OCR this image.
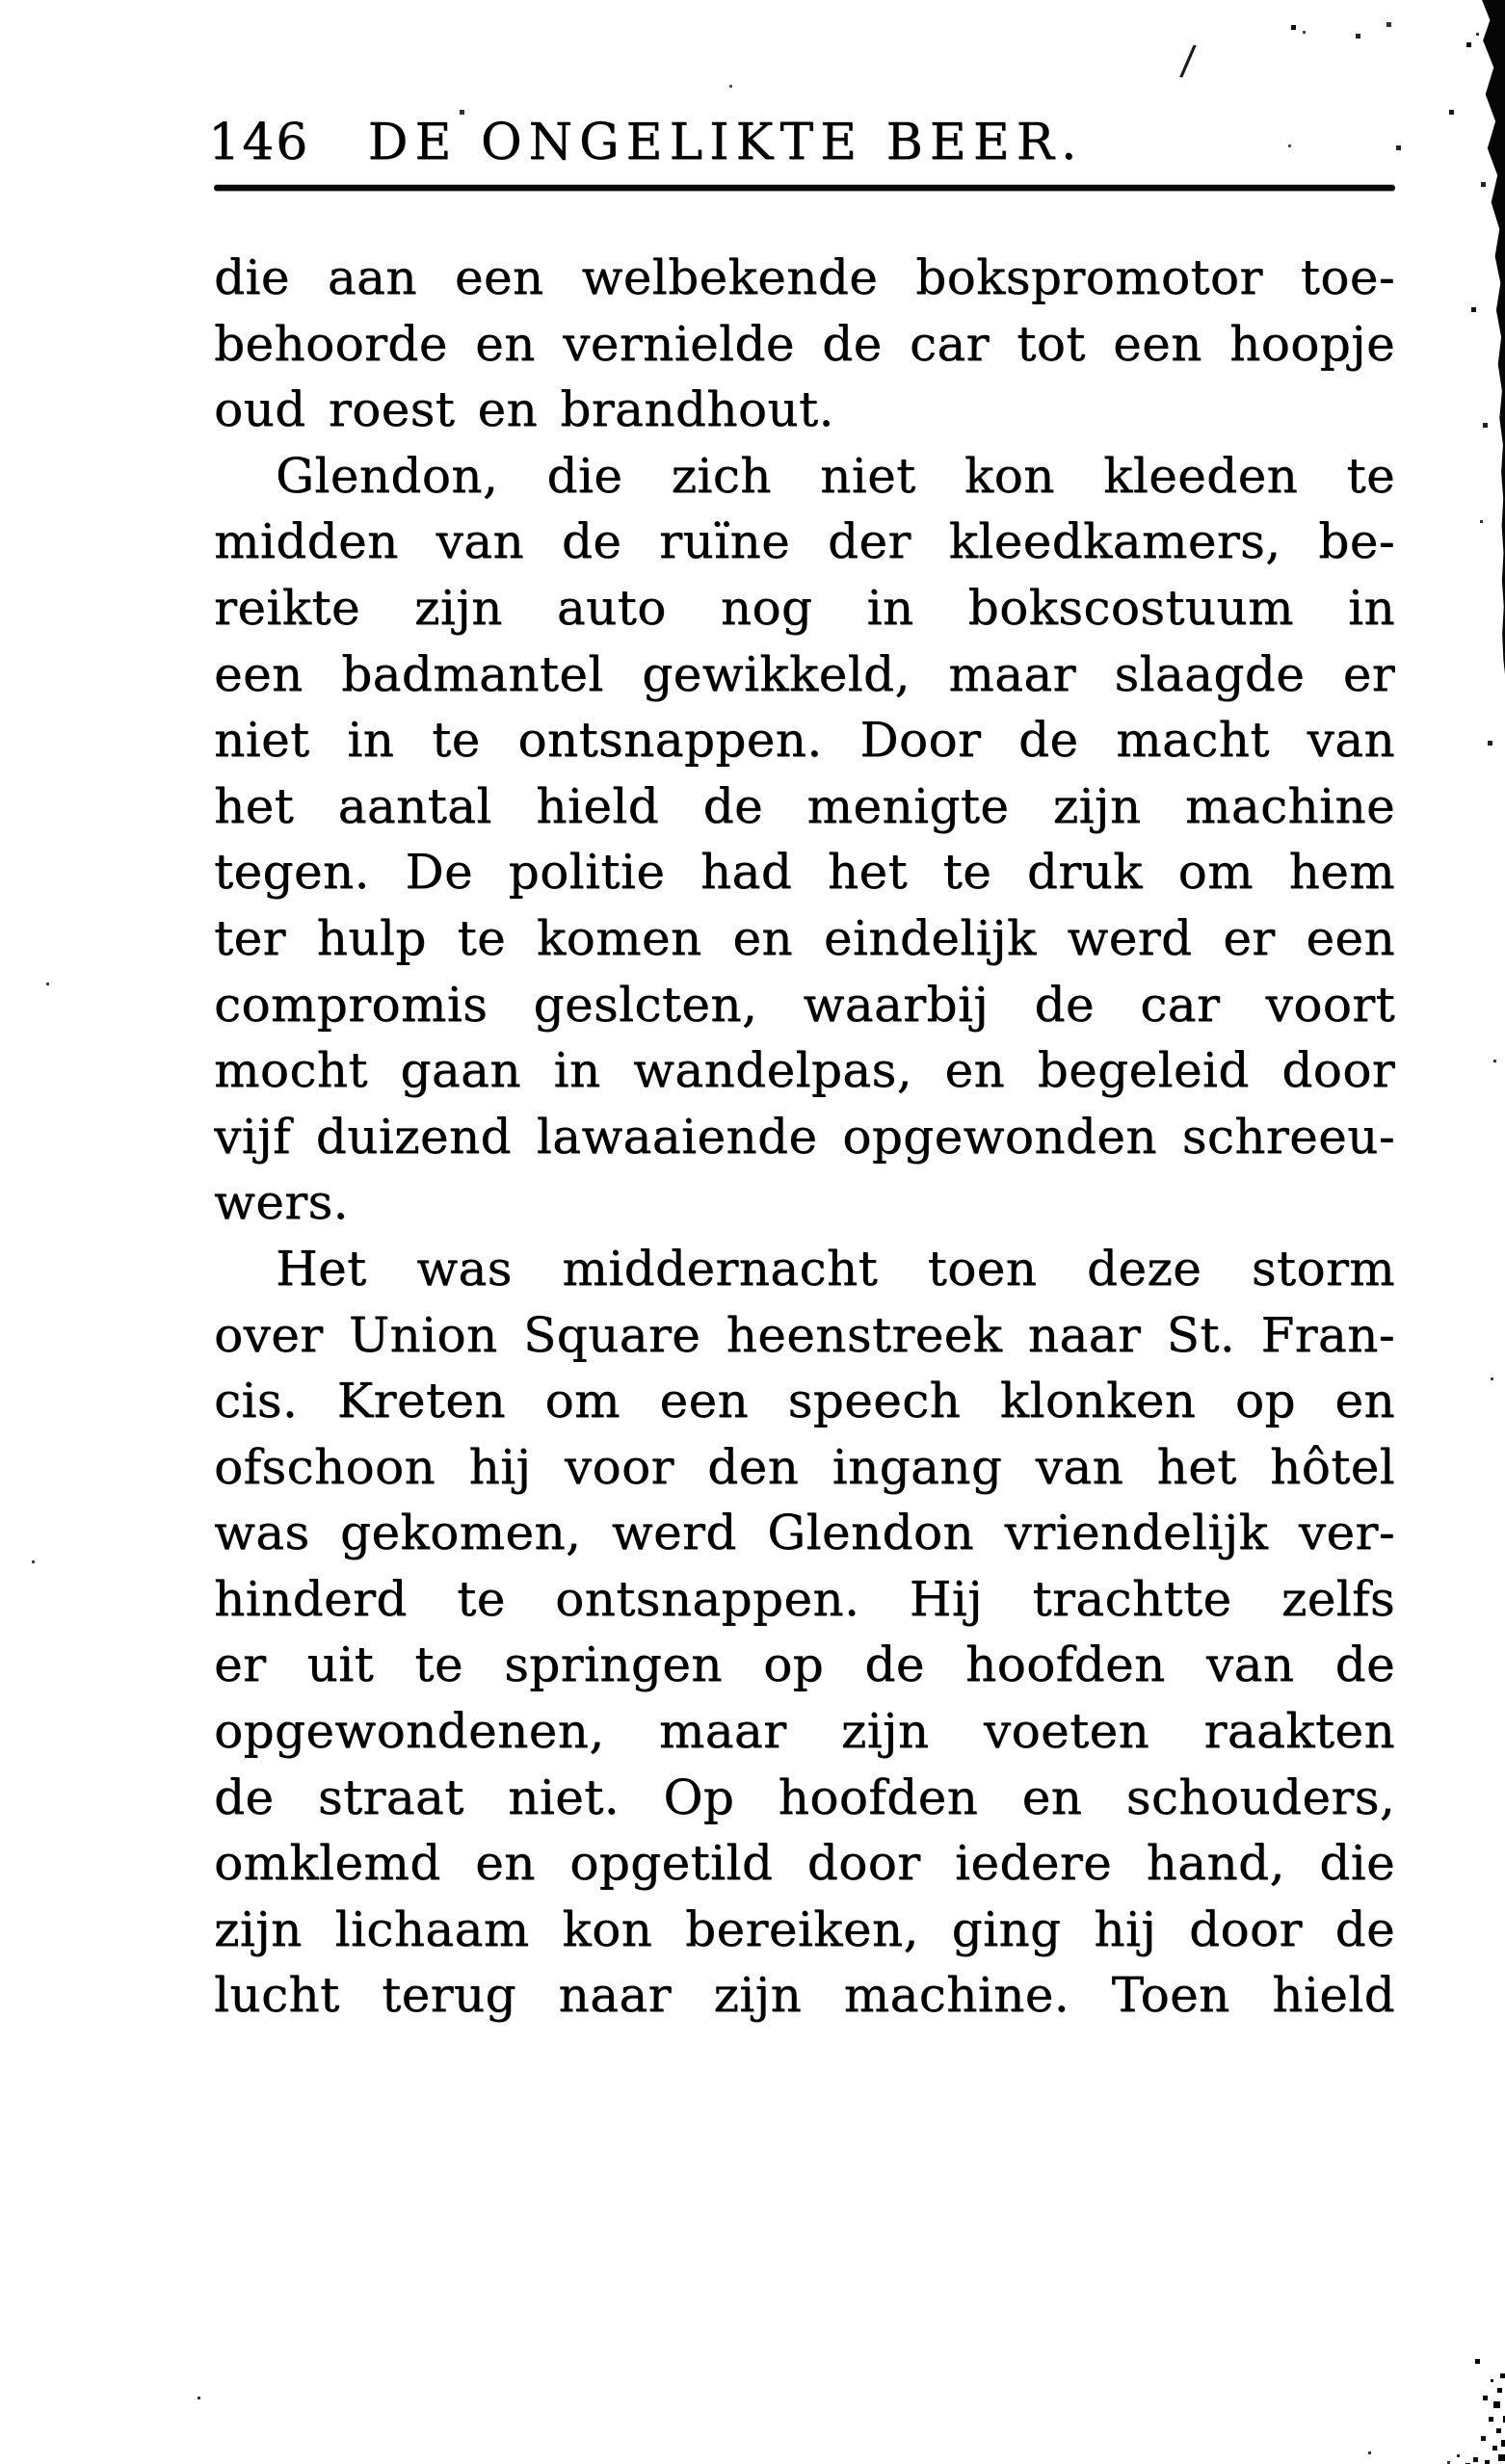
146	DE ONGELIKTE BEER.
die aan een welbekende bokspromotor toe-
behoorde en vernielde de car tot een hoopje
oud roest en brandhout.
Glendon, die zich niet kon kleeden te
midden van de ruïne der kleedkamers, be-
reikte zijn auto nog in bokscostuum in
een badmantel gewikkeld, maar slaagde er
niet in te ontsnappen. Door de macht van
het aantal hield de menigte zijn machine
tegen. De politie had het te druk om hem
ter hulp te komen en eindelijk werd er een
compromis geslcten, waarbij de car voort
mocht gaan in wandelpas, en begeleid door
vijf duizend lawaaiende opgewonden schreeu-
wers.
Het was middernacht toen deze storm
over Union Square heenstreek naar St. Fran-
cis. Kreten om een speech klonken op en
ofschoon hij voor den ingang van het hôtel
was gekomen, werd Glendon vriendelijk ver-
hinderd te ontsnappen. Hij trachtte zelfs
er uit te springen op de hoofden van de
opgewondenen, maar zijn voeten raakten
de straat niet. Op hoofden en schouders,
omklemd en opgetild door iedere hand, die
zijn lichaam kon bereiken, ging hij door de
lucht terug naar zijn machine. Toen hield
/
